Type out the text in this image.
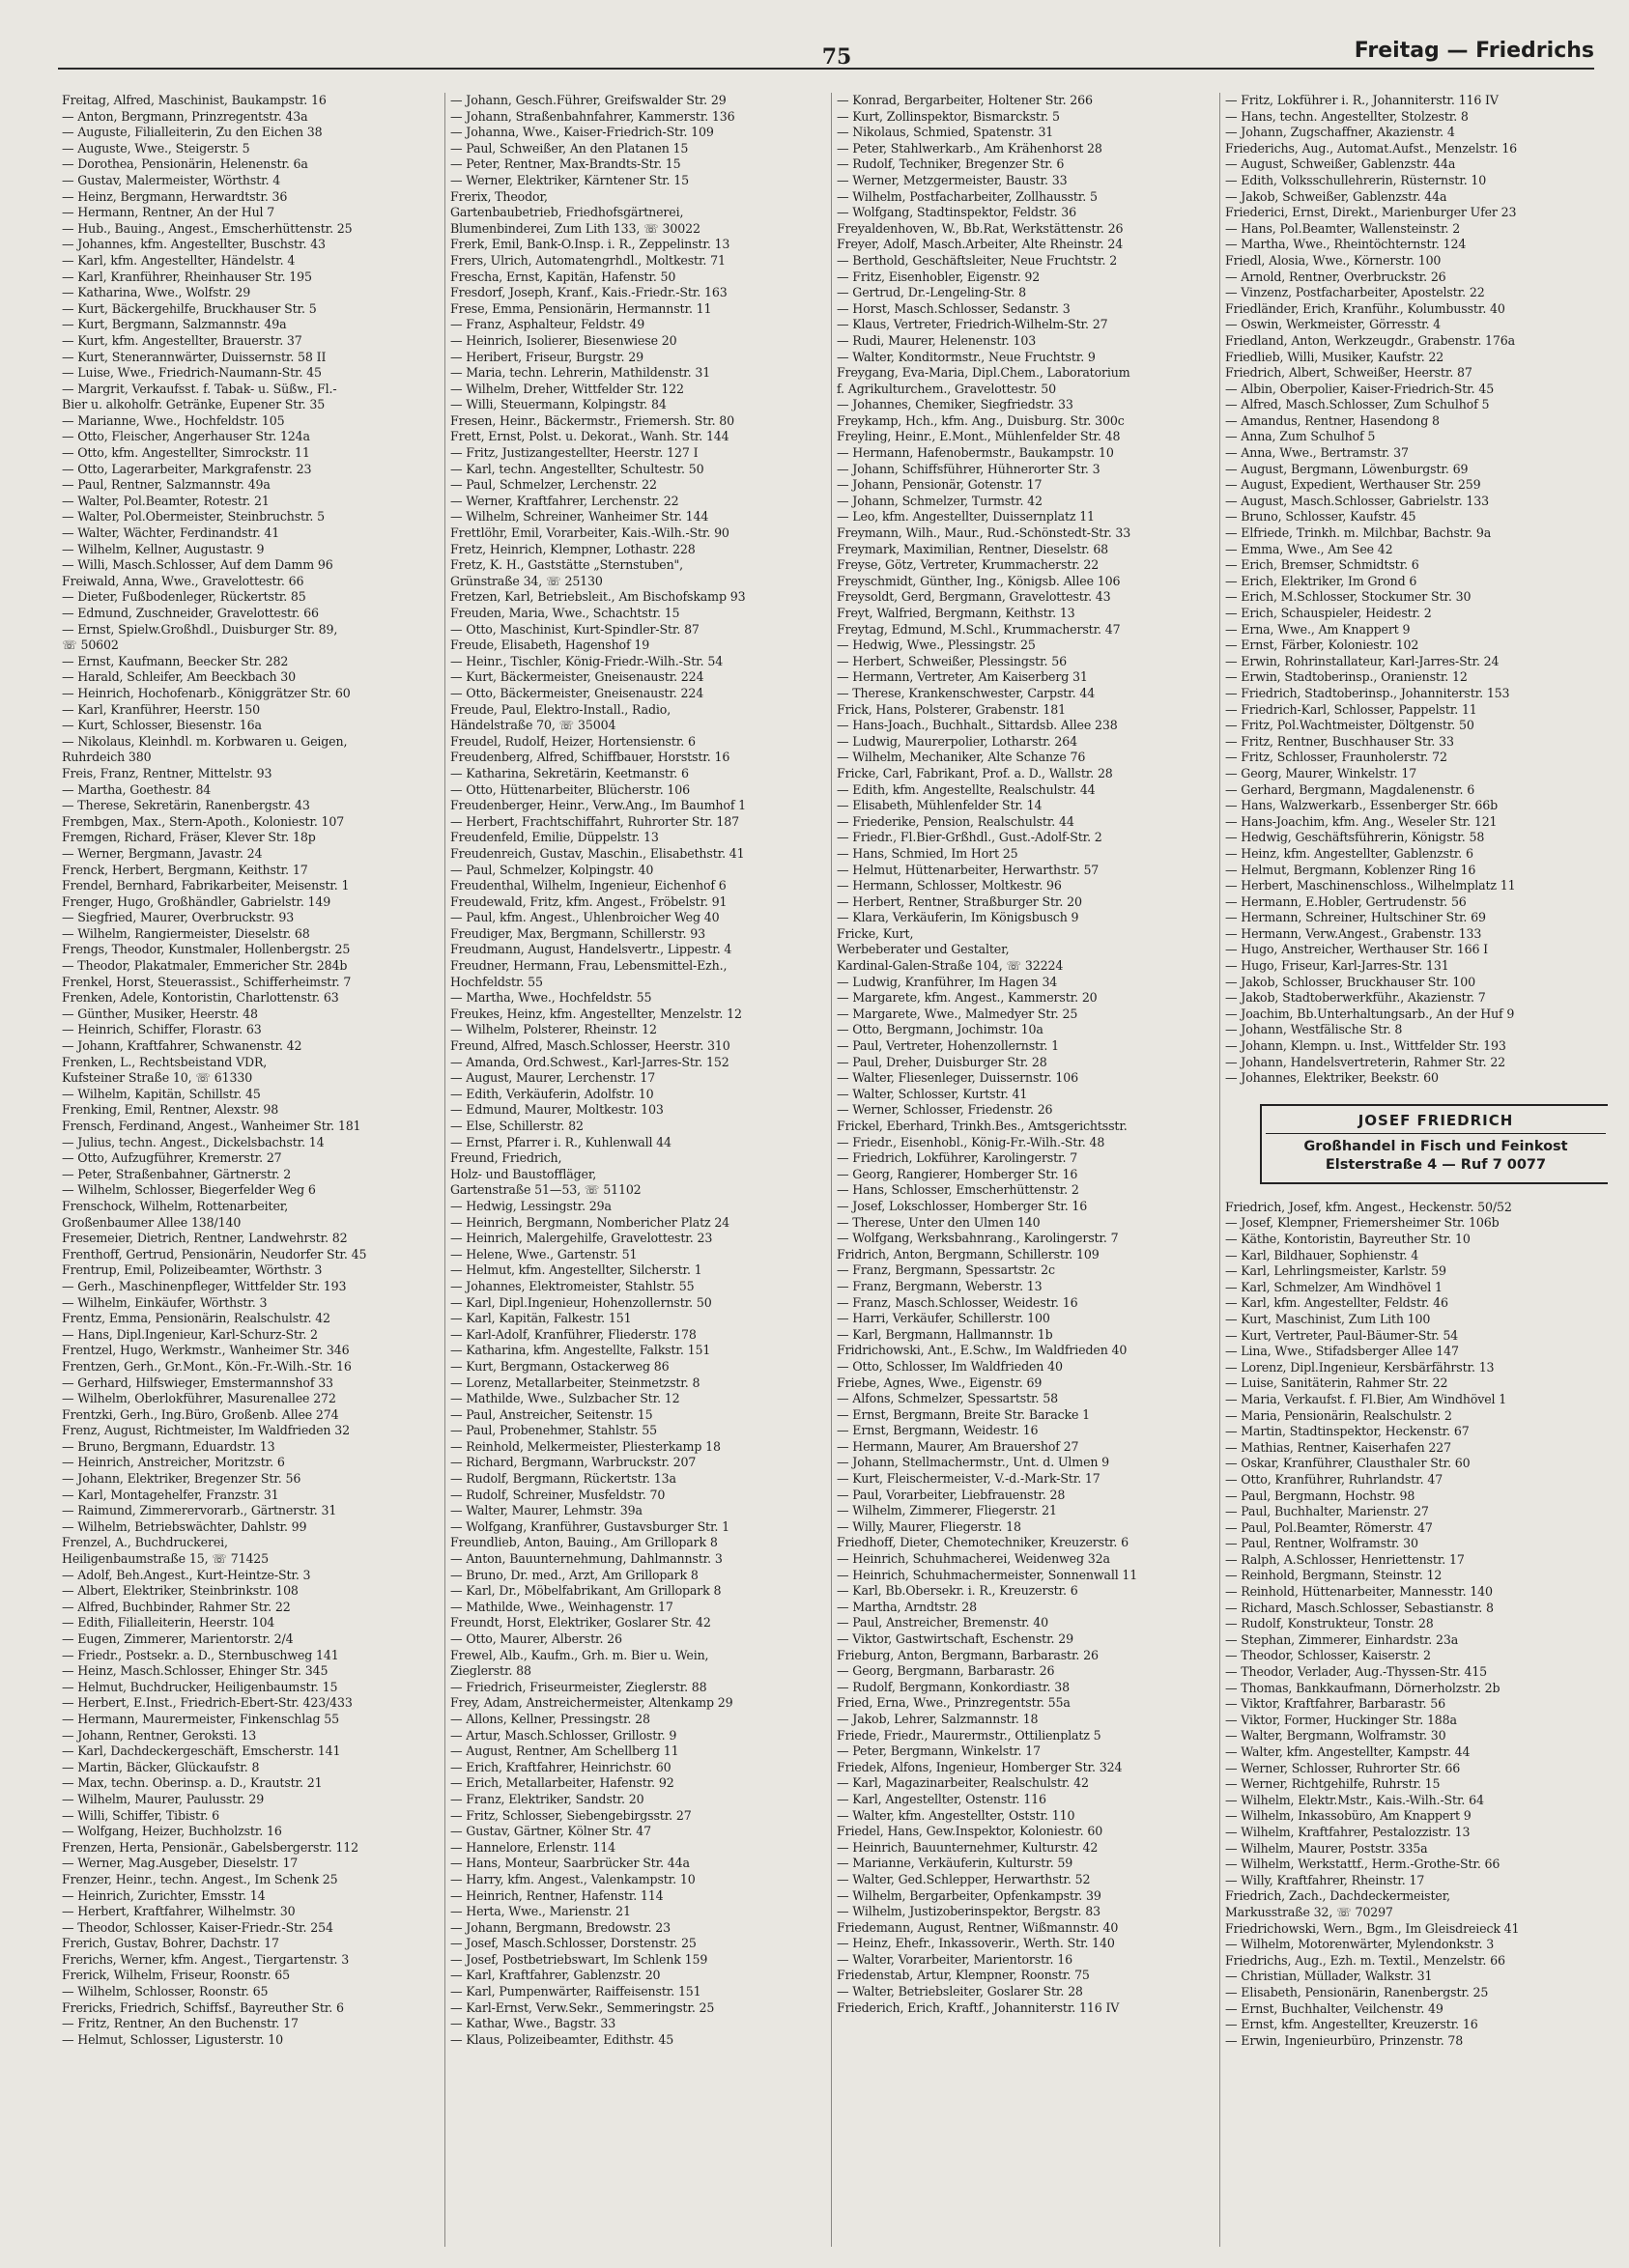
75	Freitag — Friedrichs
Freitag, Alfred, Maschinist, Baukampstr. 16
— Anton, Bergmann, Prinzregentstr. 43a
— Auguste, Filialleiterin, Zu den Eichen 38
— Auguste, Wwe., Steigerstr. 5
— Dorothea, Pensionärin, Helenenstr. 6a
— Gustav, Malermeister, Wörthstr. 4
— Heinz, Bergmann, Herwardtstr. 36
— Hermann, Rentner, An der Hul 7
— Hub., Bauing., Angest., Emscherhüttenstr. 25
— Johannes, kfm. Angestellter, Buschstr. 43
— Karl, kfm. Angestellter, Händelstr. 4
— Karl, Kranführer, Rheinhauser Str. 195
— Katharina, Wwe., Wolfstr. 29
— Kurt, Bäckergehilfe, Bruckhauser Str. 5
— Kurt, Bergmann, Salzmannstr. 49a
— Kurt, kfm. Angestellter, Brauerstr. 37
— Kurt, Stenerannwärter, Duissernstr. 58 II
— Luise, Wwe., Friedrich-Naumann-Str. 45
— Margrit, Verkaufsst. f. Tabak- u. Süßw., Fl.-
Bier u. alkoholfr. Getränke, Eupener Str. 35
— Marianne, Wwe., Hochfeldstr. 105
— Otto, Fleischer, Angerhauser Str. 124a
— Otto, kfm. Angestellter, Simrockstr. 11
— Otto, Lagerarbeiter, Markgrafenstr. 23
— Paul, Rentner, Salzmannstr. 49a
— Walter, Pol.Beamter, Rotestr. 21
— Walter, Pol.Obermeister, Steinbruchstr. 5
— Walter, Wächter, Ferdinandstr. 41
— Wilhelm, Kellner, Augustastr. 9
— Willi, Masch.Schlosser, Auf dem Damm 96
Freiwald, Anna, Wwe., Gravelottestr. 66
— Dieter, Fußbodenleger, Rückertstr. 85
— Edmund, Zuschneider, Gravelottestr. 66
— Ernst, Spielw.Großhdl., Duisburger Str. 89,
☏ 50602
— Ernst, Kaufmann, Beecker Str. 282
— Harald, Schleifer, Am Beeckbach 30
— Heinrich, Hochofenarb., Königgrätzer Str. 60
— Karl, Kranführer, Heerstr. 150
— Kurt, Schlosser, Biesenstr. 16a
— Nikolaus, Kleinhdl. m. Korbwaren u. Geigen,
Ruhrdeich 380
Freis, Franz, Rentner, Mittelstr. 93
— Martha, Goethestr. 84
— Therese, Sekretärin, Ranenbergstr. 43
Frembgen, Max., Stern-Apoth., Koloniestr. 107
Fremgen, Richard, Fräser, Klever Str. 18p
— Werner, Bergmann, Javastr. 24
Frenck, Herbert, Bergmann, Keithstr. 17
Frendel, Bernhard, Fabrikarbeiter, Meisenstr. 1
Frenger, Hugo, Großhändler, Gabrielstr. 149
— Siegfried, Maurer, Overbruckstr. 93
— Wilhelm, Rangiermeister, Dieselstr. 68
Frengs, Theodor, Kunstmaler, Hollenbergstr. 25
— Theodor, Plakatmaler, Emmericher Str. 284b
Frenkel, Horst, Steuerassist., Schifferheimstr. 7
Frenken, Adele, Kontoristin, Charlottenstr. 63
— Günther, Musiker, Heerstr. 48
— Heinrich, Schiffer, Florastr. 63
— Johann, Kraftfahrer, Schwanenstr. 42
Frenken, L., Rechtsbeistand VDR,
Kufsteiner Straße 10, ☏ 61330
— Wilhelm, Kapitän, Schillstr. 45
Frenking, Emil, Rentner, Alexstr. 98
Frensch, Ferdinand, Angest., Wanheimer Str. 181
— Julius, techn. Angest., Dickelsbachstr. 14
— Otto, Aufzugführer, Kremerstr. 27
— Peter, Straßenbahner, Gärtnerstr. 2
— Wilhelm, Schlosser, Biegerfelder Weg 6
Frenschock, Wilhelm, Rottenarbeiter,
Großenbaumer Allee 138/140
Fresemeier, Dietrich, Rentner, Landwehrstr. 82
Frenthoff, Gertrud, Pensionärin, Neudorfer Str. 45
Frentrup, Emil, Polizeibeamter, Wörthstr. 3
— Gerh., Maschinenpfleger, Wittfelder Str. 193
— Wilhelm, Einkäufer, Wörthstr. 3
Frentz, Emma, Pensionärin, Realschulstr. 42
— Hans, Dipl.Ingenieur, Karl-Schurz-Str. 2
Frentzel, Hugo, Werkmstr., Wanheimer Str. 346
Frentzen, Gerh., Gr.Mont., Kön.-Fr.-Wilh.-Str. 16
— Gerhard, Hilfswieger, Emstermannshof 33
— Wilhelm, Oberlokführer, Masurenallee 272
Frentzki, Gerh., Ing.Büro, Großenb. Allee 274
Frenz, August, Richtmeister, Im Waldfrieden 32
— Bruno, Bergmann, Eduardstr. 13
— Heinrich, Anstreicher, Moritzstr. 6
— Johann, Elektriker, Bregenzer Str. 56
— Karl, Montagehelfer, Franzstr. 31
— Raimund, Zimmerervorarb., Gärtnerstr. 31
— Wilhelm, Betriebswächter, Dahlstr. 99
Frenzel, A., Buchdruckerei,
Heiligenbaumstraße 15, ☏ 71425
— Adolf, Beh.Angest., Kurt-Heintze-Str. 3
— Albert, Elektriker, Steinbrinkstr. 108
— Alfred, Buchbinder, Rahmer Str. 22
— Edith, Filialleiterin, Heerstr. 104
— Eugen, Zimmerer, Marientorstr. 2/4
— Friedr., Postsekr. a. D., Sternbuschweg 141
— Heinz, Masch.Schlosser, Ehinger Str. 345
— Helmut, Buchdrucker, Heiligenbaumstr. 15
— Herbert, E.Inst., Friedrich-Ebert-Str. 423/433
— Hermann, Maurermeister, Finkenschlag 55
— Johann, Rentner, Geroksti. 13
— Karl, Dachdeckergeschäft, Emscherstr. 141
— Martin, Bäcker, Glückaufstr. 8
— Max, techn. Oberinsp. a. D., Krautstr. 21
— Wilhelm, Maurer, Paulusstr. 29
— Willi, Schiffer, Tibistr. 6
— Wolfgang, Heizer, Buchholzstr. 16
Frenzen, Herta, Pensionär., Gabelsbergerstr. 112
— Werner, Mag.Ausgeber, Dieselstr. 17
Frenzer, Heinr., techn. Angest., Im Schenk 25
— Heinrich, Zurichter, Emsstr. 14
— Herbert, Kraftfahrer, Wilhelmstr. 30
— Theodor, Schlosser, Kaiser-Friedr.-Str. 254
Frerich, Gustav, Bohrer, Dachstr. 17
Frerichs, Werner, kfm. Angest., Tiergartenstr. 3
Frerick, Wilhelm, Friseur, Roonstr. 65
— Wilhelm, Schlosser, Roonstr. 65
Frericks, Friedrich, Schiffsf., Bayreuther Str. 6
— Fritz, Rentner, An den Buchenstr. 17
— Helmut, Schlosser, Ligusterstr. 10
— Johann, Gesch.Führer, Greifswalder Str. 29
— Johann, Straßenbahnfahrer, Kammerstr. 136
— Johanna, Wwe., Kaiser-Friedrich-Str. 109
— Paul, Schweißer, An den Platanen 15
— Peter, Rentner, Max-Brandts-Str. 15
— Werner, Elektriker, Kärntener Str. 15
Frerix, Theodor,
Gartenbaubetrieb, Friedhofsgärtnerei,
Blumenbinderei, Zum Lith 133, ☏ 30022
Frerk, Emil, Bank-O.Insp. i. R., Zeppelinstr. 13
Frers, Ulrich, Automatengrhdl., Moltkestr. 71
Frescha, Ernst, Kapitän, Hafenstr. 50
Fresdorf, Joseph, Kranf., Kais.-Friedr.-Str. 163
Frese, Emma, Pensionärin, Hermannstr. 11
— Franz, Asphalteur, Feldstr. 49
— Heinrich, Isolierer, Biesenwiese 20
— Heribert, Friseur, Burgstr. 29
— Maria, techn. Lehrerin, Mathildenstr. 31
— Wilhelm, Dreher, Wittfelder Str. 122
— Willi, Steuermann, Kolpingstr. 84
Fresen, Heinr., Bäckermstr., Friemersh. Str. 80
Frett, Ernst, Polst. u. Dekorat., Wanh. Str. 144
— Fritz, Justizangestellter, Heerstr. 127 I
— Karl, techn. Angestellter, Schultestr. 50
— Paul, Schmelzer, Lerchenstr. 22
— Werner, Kraftfahrer, Lerchenstr. 22
— Wilhelm, Schreiner, Wanheimer Str. 144
Frettlöhr, Emil, Vorarbeiter, Kais.-Wilh.-Str. 90
Fretz, Heinrich, Klempner, Lothastr. 228
Fretz, K. H., Gaststätte „Sternstuben",
Grünstraße 34, ☏ 25130
Fretzen, Karl, Betriebsleit., Am Bischofskamp 93
Freuden, Maria, Wwe., Schachtstr. 15
— Otto, Maschinist, Kurt-Spindler-Str. 87
Freude, Elisabeth, Hagenshof 19
— Heinr., Tischler, König-Friedr.-Wilh.-Str. 54
— Kurt, Bäckermeister, Gneisenaustr. 224
— Otto, Bäckermeister, Gneisenaustr. 224
Freude, Paul, Elektro-Install., Radio,
Händelstraße 70, ☏ 35004
Freudel, Rudolf, Heizer, Hortensienstr. 6
Freudenberg, Alfred, Schiffbauer, Horststr. 16
— Katharina, Sekretärin, Keetmanstr. 6
— Otto, Hüttenarbeiter, Blücherstr. 106
Freudenberger, Heinr., Verw.Ang., Im Baumhof 1
— Herbert, Frachtschiffahrt, Ruhrorter Str. 187
Freudenfeld, Emilie, Düppelstr. 13
Freudenreich, Gustav, Maschin., Elisabethstr. 41
— Paul, Schmelzer, Kolpingstr. 40
Freudenthal, Wilhelm, Ingenieur, Eichenhof 6
Freudewald, Fritz, kfm. Angest., Fröbelstr. 91
— Paul, kfm. Angest., Uhlenbroicher Weg 40
Freudiger, Max, Bergmann, Schillerstr. 93
Freudmann, August, Handelsvertr., Lippestr. 4
Freudner, Hermann, Frau, Lebensmittel-Ezh.,
Hochfeldstr. 55
— Martha, Wwe., Hochfeldstr. 55
Freukes, Heinz, kfm. Angestellter, Menzelstr. 12
— Wilhelm, Polsterer, Rheinstr. 12
Freund, Alfred, Masch.Schlosser, Heerstr. 310
— Amanda, Ord.Schwest., Karl-Jarres-Str. 152
— August, Maurer, Lerchenstr. 17
— Edith, Verkäuferin, Adolfstr. 10
— Edmund, Maurer, Moltkestr. 103
— Else, Schillerstr. 82
— Ernst, Pfarrer i. R., Kuhlenwall 44
Freund, Friedrich,
Holz- und Baustoffläger,
Gartenstraße 51—53, ☏ 51102
— Hedwig, Lessingstr. 29a
— Heinrich, Bergmann, Nombericher Platz 24
— Heinrich, Malergehilfe, Gravelottestr. 23
— Helene, Wwe., Gartenstr. 51
— Helmut, kfm. Angestellter, Silcherstr. 1
— Johannes, Elektromeister, Stahlstr. 55
— Karl, Dipl.Ingenieur, Hohenzollernstr. 50
— Karl, Kapitän, Falkestr. 151
— Karl-Adolf, Kranführer, Fliederstr. 178
— Katharina, kfm. Angestellte, Falkstr. 151
— Kurt, Bergmann, Ostackerweg 86
— Lorenz, Metallarbeiter, Steinmetzstr. 8
— Mathilde, Wwe., Sulzbacher Str. 12
— Paul, Anstreicher, Seitenstr. 15
— Paul, Probenehmer, Stahlstr. 55
— Reinhold, Melkermeister, Pliesterkamp 18
— Richard, Bergmann, Warbruckstr. 207
— Rudolf, Bergmann, Rückertstr. 13a
— Rudolf, Schreiner, Musfeldstr. 70
— Walter, Maurer, Lehmstr. 39a
— Wolfgang, Kranführer, Gustavsburger Str. 1
Freundlieb, Anton, Bauing., Am Grillopark 8
— Anton, Bauunternehmung, Dahlmannstr. 3
— Bruno, Dr. med., Arzt, Am Grillopark 8
— Karl, Dr., Möbelfabrikant, Am Grillopark 8
— Mathilde, Wwe., Weinhagenstr. 17
Freundt, Horst, Elektriker, Goslarer Str. 42
— Otto, Maurer, Alberstr. 26
Frewel, Alb., Kaufm., Grh. m. Bier u. Wein,
Zieglerstr. 88
— Friedrich, Friseurmeister, Zieglerstr. 88
Frey, Adam, Anstreichermeister, Altenkamp 29
— Allons, Kellner, Pressingstr. 28
— Artur, Masch.Schlosser, Grillostr. 9
— August, Rentner, Am Schellberg 11
— Erich, Kraftfahrer, Heinrichstr. 60
— Erich, Metallarbeiter, Hafenstr. 92
— Franz, Elektriker, Sandstr. 20
— Fritz, Schlosser, Siebengebirgsstr. 27
— Gustav, Gärtner, Kölner Str. 47
— Hannelore, Erlenstr. 114
— Hans, Monteur, Saarbrücker Str. 44a
— Harry, kfm. Angest., Valenkampstr. 10
— Heinrich, Rentner, Hafenstr. 114
— Herta, Wwe., Marienstr. 21
— Johann, Bergmann, Bredowstr. 23
— Josef, Masch.Schlosser, Dorstenstr. 25
— Josef, Postbetriebswart, Im Schlenk 159
— Karl, Kraftfahrer, Gablenzstr. 20
— Karl, Pumpenwärter, Raiffeisenstr. 151
— Karl-Ernst, Verw.Sekr., Semmeringstr. 25
— Kathar, Wwe., Bagstr. 33
— Klaus, Polizeibeamter, Edithstr. 45
— Konrad, Bergarbeiter, Holtener Str. 266
— Kurt, Zollinspektor, Bismarckstr. 5
— Nikolaus, Schmied, Spatenstr. 31
— Peter, Stahlwerkarb., Am Krähenhorst 28
— Rudolf, Techniker, Bregenzer Str. 6
— Werner, Metzgermeister, Baustr. 33
— Wilhelm, Postfacharbeiter, Zollhausstr. 5
— Wolfgang, Stadtinspektor, Feldstr. 36
Freyaldenhoven, W., Bb.Rat, Werkstättenstr. 26
Freyer, Adolf, Masch.Arbeiter, Alte Rheinstr. 24
— Berthold, Geschäftsleiter, Neue Fruchtstr. 2
— Fritz, Eisenhobler, Eigenstr. 92
— Gertrud, Dr.-Lengeling-Str. 8
— Horst, Masch.Schlosser, Sedanstr. 3
— Klaus, Vertreter, Friedrich-Wilhelm-Str. 27
— Rudi, Maurer, Helenenstr. 103
— Walter, Konditormstr., Neue Fruchtstr. 9
Freygang, Eva-Maria, Dipl.Chem., Laboratorium
f. Agrikulturchem., Gravelottestr. 50
— Johannes, Chemiker, Siegfriedstr. 33
Freykamp, Hch., kfm. Ang., Duisburg. Str. 300c
Freyling, Heinr., E.Mont., Mühlenfelder Str. 48
— Hermann, Hafenobermstr., Baukampstr. 10
— Johann, Schiffsführer, Hühnerorter Str. 3
— Johann, Pensionär, Gotenstr. 17
— Johann, Schmelzer, Turmstr. 42
— Leo, kfm. Angestellter, Duissernplatz 11
Freymann, Wilh., Maur., Rud.-Schönstedt-Str. 33
Freymark, Maximilian, Rentner, Dieselstr. 68
Freyse, Götz, Vertreter, Krummacherstr. 22
Freyschmidt, Günther, Ing., Königsb. Allee 106
Freysoldt, Gerd, Bergmann, Gravelottestr. 43
Freyt, Walfried, Bergmann, Keithstr. 13
Freytag, Edmund, M.Schl., Krummacherstr. 47
— Hedwig, Wwe., Plessingstr. 25
— Herbert, Schweißer, Plessingstr. 56
— Hermann, Vertreter, Am Kaiserberg 31
— Therese, Krankenschwester, Carpstr. 44
Frick, Hans, Polsterer, Grabenstr. 181
— Hans-Joach., Buchhalt., Sittardsb. Allee 238
— Ludwig, Maurerpolier, Lotharstr. 264
— Wilhelm, Mechaniker, Alte Schanze 76
Fricke, Carl, Fabrikant, Prof. a. D., Wallstr. 28
— Edith, kfm. Angestellte, Realschulstr. 44
— Elisabeth, Mühlenfelder Str. 14
— Friederike, Pension, Realschulstr. 44
— Friedr., Fl.Bier-Grßhdl., Gust.-Adolf-Str. 2
— Hans, Schmied, Im Hort 25
— Helmut, Hüttenarbeiter, Herwarthstr. 57
— Hermann, Schlosser, Moltkestr. 96
— Herbert, Rentner, Straßburger Str. 20
— Klara, Verkäuferin, Im Königsbusch 9
Fricke, Kurt,
Werbeberater und Gestalter,
Kardinal-Galen-Straße 104, ☏ 32224
— Ludwig, Kranführer, Im Hagen 34
— Margarete, kfm. Angest., Kammerstr. 20
— Margarete, Wwe., Malmedyer Str. 25
— Otto, Bergmann, Jochimstr. 10a
— Paul, Vertreter, Hohenzollernstr. 1
— Paul, Dreher, Duisburger Str. 28
— Walter, Fliesenleger, Duissernstr. 106
— Walter, Schlosser, Kurtstr. 41
— Werner, Schlosser, Friedenstr. 26
Frickel, Eberhard, Trinkh.Bes., Amtsgerichtsstr.
— Friedr., Eisenhobl., König-Fr.-Wilh.-Str. 48
— Friedrich, Lokführer, Karolingerstr. 7
— Georg, Rangierer, Homberger Str. 16
— Hans, Schlosser, Emscherhüttenstr. 2
— Josef, Lokschlosser, Homberger Str. 16
— Therese, Unter den Ulmen 140
— Wolfgang, Werksbahnrang., Karolingerstr. 7
Fridrich, Anton, Bergmann, Schillerstr. 109
— Franz, Bergmann, Spessartstr. 2c
— Franz, Bergmann, Weberstr. 13
— Franz, Masch.Schlosser, Weidestr. 16
— Harri, Verkäufer, Schillerstr. 100
— Karl, Bergmann, Hallmannstr. 1b
Fridrichowski, Ant., E.Schw., Im Waldfrieden 40
— Otto, Schlosser, Im Waldfrieden 40
Friebe, Agnes, Wwe., Eigenstr. 69
— Alfons, Schmelzer, Spessartstr. 58
— Ernst, Bergmann, Breite Str. Baracke 1
— Ernst, Bergmann, Weidestr. 16
— Hermann, Maurer, Am Brauershof 27
— Johann, Stellmachermstr., Unt. d. Ulmen 9
— Kurt, Fleischermeister, V.-d.-Mark-Str. 17
— Paul, Vorarbeiter, Liebfrauenstr. 28
— Wilhelm, Zimmerer, Fliegerstr. 21
— Willy, Maurer, Fliegerstr. 18
Friedhoff, Dieter, Chemotechniker, Kreuzerstr. 6
— Heinrich, Schuhmacherei, Weidenweg 32a
— Heinrich, Schuhmachermeister, Sonnenwall 11
— Karl, Bb.Obersekr. i. R., Kreuzerstr. 6
— Martha, Arndtstr. 28
— Paul, Anstreicher, Bremenstr. 40
— Viktor, Gastwirtschaft, Eschenstr. 29
Frieburg, Anton, Bergmann, Barbarastr. 26
— Georg, Bergmann, Barbarastr. 26
— Rudolf, Bergmann, Konkordiastr. 38
Fried, Erna, Wwe., Prinzregentstr. 55a
— Jakob, Lehrer, Salzmannstr. 18
Friede, Friedr., Maurermstr., Ottilienplatz 5
— Peter, Bergmann, Winkelstr. 17
Friedek, Alfons, Ingenieur, Homberger Str. 324
— Karl, Magazinarbeiter, Realschulstr. 42
— Karl, Angestellter, Ostenstr. 116
— Walter, kfm. Angestellter, Oststr. 110
Friedel, Hans, Gew.Inspektor, Koloniestr. 60
— Heinrich, Bauunternehmer, Kulturstr. 42
— Marianne, Verkäuferin, Kulturstr. 59
— Walter, Ged.Schlepper, Herwarthstr. 52
— Wilhelm, Bergarbeiter, Opfenkampstr. 39
— Wilhelm, Justizoberinspektor, Bergstr. 83
Friedemann, August, Rentner, Wißmannstr. 40
— Heinz, Ehefr., Inkassoverir., Werth. Str. 140
— Walter, Vorarbeiter, Marientorstr. 16
Friedenstab, Artur, Klempner, Roonstr. 75
— Walter, Betriebsleiter, Goslarer Str. 28
Friederich, Erich, Kraftf., Johanniterstr. 116 IV
— Fritz, Lokführer i. R., Johanniterstr. 116 IV
— Hans, techn. Angestellter, Stolzestr. 8
— Johann, Zugschaffner, Akazienstr. 4
Friederichs, Aug., Automat.Aufst., Menzelstr. 16
— August, Schweißer, Gablenzstr. 44a
— Edith, Volksschullehrerin, Rüsternstr. 10
— Jakob, Schweißer, Gablenzstr. 44a
Friederici, Ernst, Direkt., Marienburger Ufer 23
— Hans, Pol.Beamter, Wallensteinstr. 2
— Martha, Wwe., Rheintöchternstr. 124
Friedl, Alosia, Wwe., Körnerstr. 100
— Arnold, Rentner, Overbruckstr. 26
— Vinzenz, Postfacharbeiter, Apostelstr. 22
Friedländer, Erich, Kranführ., Kolumbusstr. 40
— Oswin, Werkmeister, Görresstr. 4
Friedland, Anton, Werkzeugdr., Grabenstr. 176a
Friedlieb, Willi, Musiker, Kaufstr. 22
Friedrich, Albert, Schweißer, Heerstr. 87
— Albin, Oberpolier, Kaiser-Friedrich-Str. 45
— Alfred, Masch.Schlosser, Zum Schulhof 5
— Amandus, Rentner, Hasendong 8
— Anna, Zum Schulhof 5
— Anna, Wwe., Bertramstr. 37
— August, Bergmann, Löwenburgstr. 69
— August, Expedient, Werthauser Str. 259
— August, Masch.Schlosser, Gabrielstr. 133
— Bruno, Schlosser, Kaufstr. 45
— Elfriede, Trinkh. m. Milchbar, Bachstr. 9a
— Emma, Wwe., Am See 42
— Erich, Bremser, Schmidtstr. 6
— Erich, Elektriker, Im Grond 6
— Erich, M.Schlosser, Stockumer Str. 30
— Erich, Schauspieler, Heidestr. 2
— Erna, Wwe., Am Knappert 9
— Ernst, Färber, Koloniestr. 102
— Erwin, Rohrinstallateur, Karl-Jarres-Str. 24
— Erwin, Stadtoberinsp., Oranienstr. 12
— Friedrich, Stadtoberinsp., Johanniterstr. 153
— Friedrich-Karl, Schlosser, Pappelstr. 11
— Fritz, Pol.Wachtmeister, Döltgenstr. 50
— Fritz, Rentner, Buschhauser Str. 33
— Fritz, Schlosser, Fraunholerstr. 72
— Georg, Maurer, Winkelstr. 17
— Gerhard, Bergmann, Magdalenenstr. 6
— Hans, Walzwerkarb., Essenberger Str. 66b
— Hans-Joachim, kfm. Ang., Weseler Str. 121
— Hedwig, Geschäftsführerin, Königstr. 58
— Heinz, kfm. Angestellter, Gablenzstr. 6
— Helmut, Bergmann, Koblenzer Ring 16
— Herbert, Maschinenschloss., Wilhelmplatz 11
— Hermann, E.Hobler, Gertrudenstr. 56
— Hermann, Schreiner, Hultschiner Str. 69
— Hermann, Verw.Angest., Grabenstr. 133
— Hugo, Anstreicher, Werthauser Str. 166 I
— Hugo, Friseur, Karl-Jarres-Str. 131
— Jakob, Schlosser, Bruckhauser Str. 100
— Jakob, Stadtoberwerkführ., Akazienstr. 7
— Joachim, Bb.Unterhaltungsarb., An der Huf 9
— Johann, Westfälische Str. 8
— Johann, Klempn. u. Inst., Wittfelder Str. 193
— Johann, Handelsvertreterin, Rahmer Str. 22
— Johannes, Elektriker, Beekstr. 60
JOSEF FRIEDRICH
Großhandel in Fisch und Feinkost
Elsterstraße 4 — Ruf 7 0077
Friedrich, Josef, kfm. Angest., Heckenstr. 50/52
— Josef, Klempner, Friemersheimer Str. 106b
— Käthe, Kontoristin, Bayreuther Str. 10
— Karl, Bildhauer, Sophienstr. 4
— Karl, Lehrlingsmeister, Karlstr. 59
— Karl, Schmelzer, Am Windhövel 1
— Karl, kfm. Angestellter, Feldstr. 46
— Kurt, Maschinist, Zum Lith 100
— Kurt, Vertreter, Paul-Bäumer-Str. 54
— Lina, Wwe., Stifadsberger Allee 147
— Lorenz, Dipl.Ingenieur, Kersbärfährstr. 13
— Luise, Sanitäterin, Rahmer Str. 22
— Maria, Verkaufst. f. Fl.Bier, Am Windhövel 1
— Maria, Pensionärin, Realschulstr. 2
— Martin, Stadtinspektor, Heckenstr. 67
— Mathias, Rentner, Kaiserhafen 227
— Oskar, Kranführer, Clausthaler Str. 60
— Otto, Kranführer, Ruhrlandstr. 47
— Paul, Bergmann, Hochstr. 98
— Paul, Buchhalter, Marienstr. 27
— Paul, Pol.Beamter, Römerstr. 47
— Paul, Rentner, Wolframstr. 30
— Ralph, A.Schlosser, Henriettenstr. 17
— Reinhold, Bergmann, Steinstr. 12
— Reinhold, Hüttenarbeiter, Mannesstr. 140
— Richard, Masch.Schlosser, Sebastianstr. 8
— Rudolf, Konstrukteur, Tonstr. 28
— Stephan, Zimmerer, Einhardstr. 23a
— Theodor, Schlosser, Kaiserstr. 2
— Theodor, Verlader, Aug.-Thyssen-Str. 415
— Thomas, Bankkaufmann, Dörnerholzstr. 2b
— Viktor, Kraftfahrer, Barbarastr. 56
— Viktor, Former, Huckinger Str. 188a
— Walter, Bergmann, Wolframstr. 30
— Walter, kfm. Angestellter, Kampstr. 44
— Werner, Schlosser, Ruhrorter Str. 66
— Werner, Richtgehilfe, Ruhrstr. 15
— Wilhelm, Elektr.Mstr., Kais.-Wilh.-Str. 64
— Wilhelm, Inkassobüro, Am Knappert 9
— Wilhelm, Kraftfahrer, Pestalozzistr. 13
— Wilhelm, Maurer, Poststr. 335a
— Wilhelm, Werkstattf., Herm.-Grothe-Str. 66
— Willy, Kraftfahrer, Rheinstr. 17
Friedrich, Zach., Dachdeckermeister,
Markusstraße 32, ☏ 70297
Friedrichowski, Wern., Bgm., Im Gleisdreieck 41
— Wilhelm, Motorenwärter, Mylendonkstr. 3
Friedrichs, Aug., Ezh. m. Textil., Menzelstr. 66
— Christian, Müllader, Walkstr. 31
— Elisabeth, Pensionärin, Ranenbergstr. 25
— Ernst, Buchhalter, Veilchenstr. 49
— Ernst, kfm. Angestellter, Kreuzerstr. 16
— Erwin, Ingenieurbüro, Prinzenstr. 78
